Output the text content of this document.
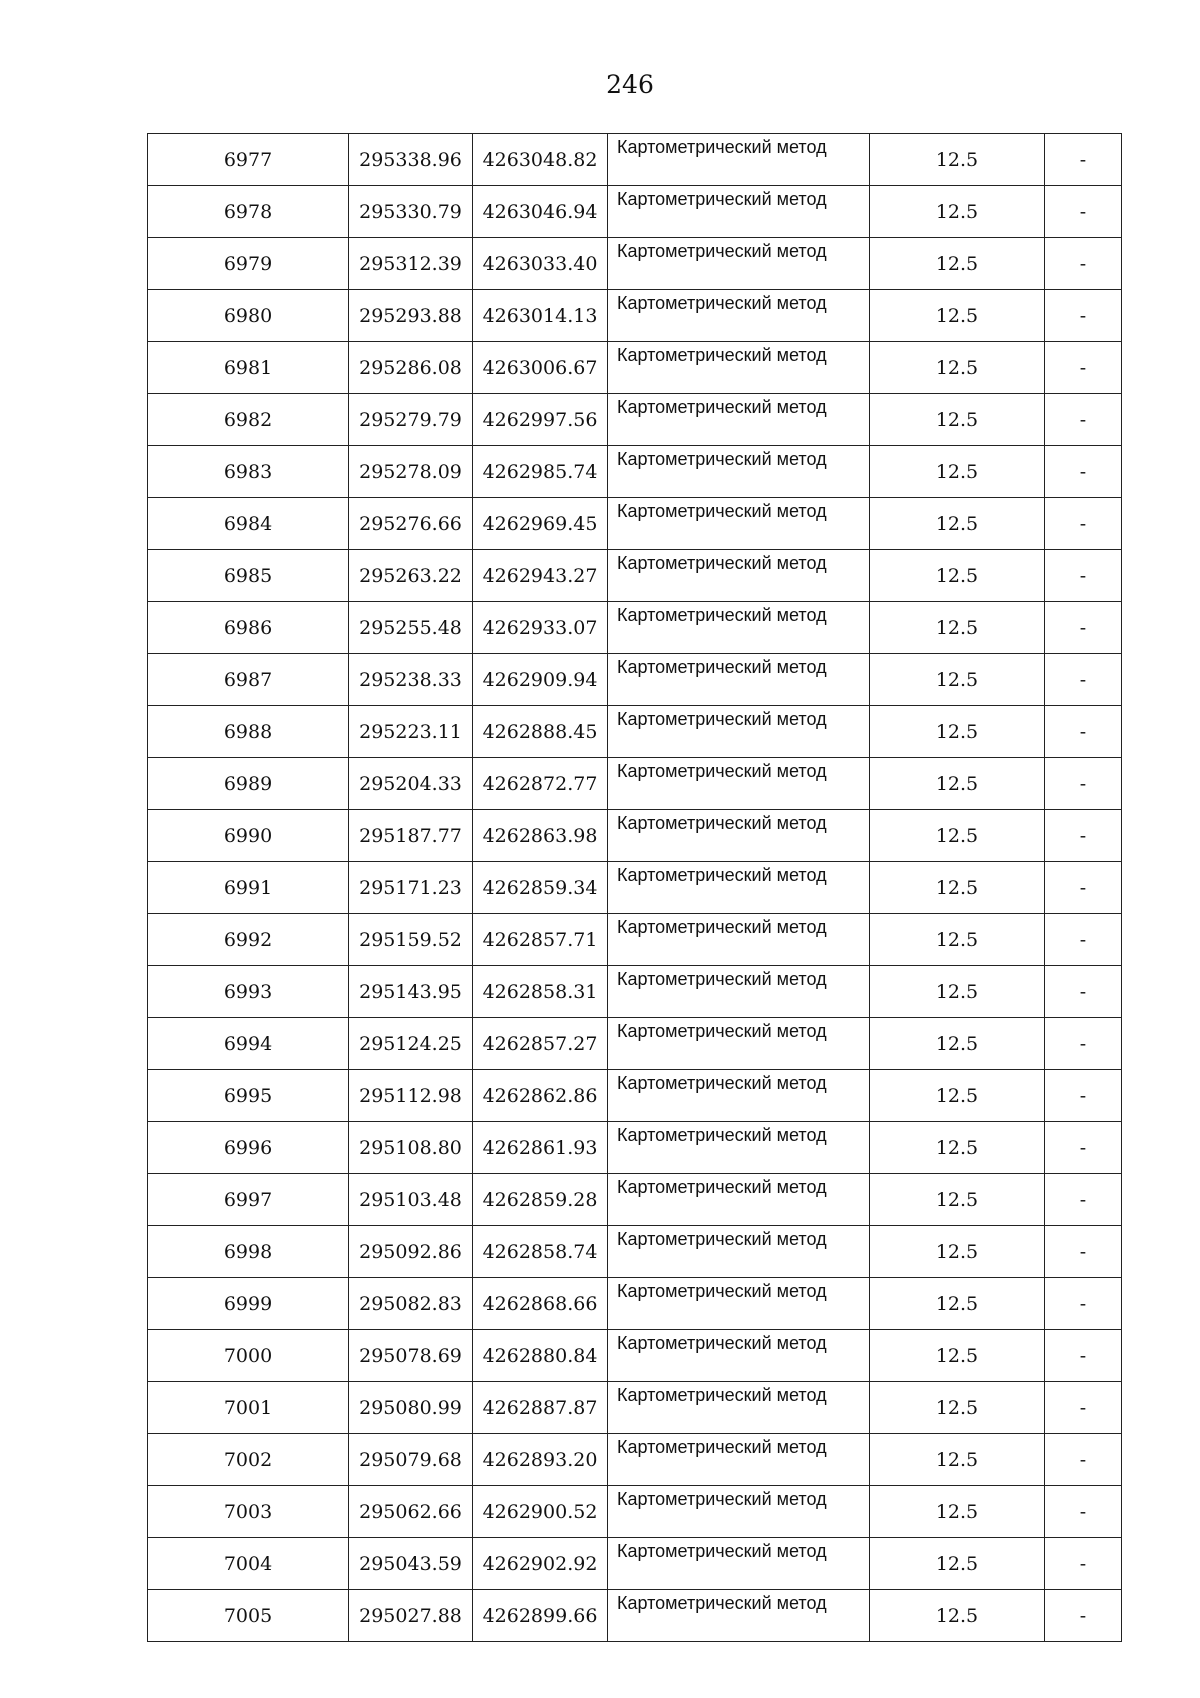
246
6977	295338.96	4263048.82	Картометрический метод	12.5	-
6978	295330.79	4263046.94	Картометрический метод	12.5	-
6979	295312.39	4263033.40	Картометрический метод	12.5	-
6980	295293.88	4263014.13	Картометрический метод	12.5	-
6981	295286.08	4263006.67	Картометрический метод	12.5	-
6982	295279.79	4262997.56	Картометрический метод	12.5	-
6983	295278.09	4262985.74	Картометрический метод	12.5	-
6984	295276.66	4262969.45	Картометрический метод	12.5	-
6985	295263.22	4262943.27	Картометрический метод	12.5	-
6986	295255.48	4262933.07	Картометрический метод	12.5	-
6987	295238.33	4262909.94	Картометрический метод	12.5	-
6988	295223.11	4262888.45	Картометрический метод	12.5	-
6989	295204.33	4262872.77	Картометрический метод	12.5	-
6990	295187.77	4262863.98	Картометрический метод	12.5	-
6991	295171.23	4262859.34	Картометрический метод	12.5	-
6992	295159.52	4262857.71	Картометрический метод	12.5	-
6993	295143.95	4262858.31	Картометрический метод	12.5	-
6994	295124.25	4262857.27	Картометрический метод	12.5	-
6995	295112.98	4262862.86	Картометрический метод	12.5	-
6996	295108.80	4262861.93	Картометрический метод	12.5	-
6997	295103.48	4262859.28	Картометрический метод	12.5	-
6998	295092.86	4262858.74	Картометрический метод	12.5	-
6999	295082.83	4262868.66	Картометрический метод	12.5	-
7000	295078.69	4262880.84	Картометрический метод	12.5	-
7001	295080.99	4262887.87	Картометрический метод	12.5	-
7002	295079.68	4262893.20	Картометрический метод	12.5	-
7003	295062.66	4262900.52	Картометрический метод	12.5	-
7004	295043.59	4262902.92	Картометрический метод	12.5	-
7005	295027.88	4262899.66	Картометрический метод	12.5	-
